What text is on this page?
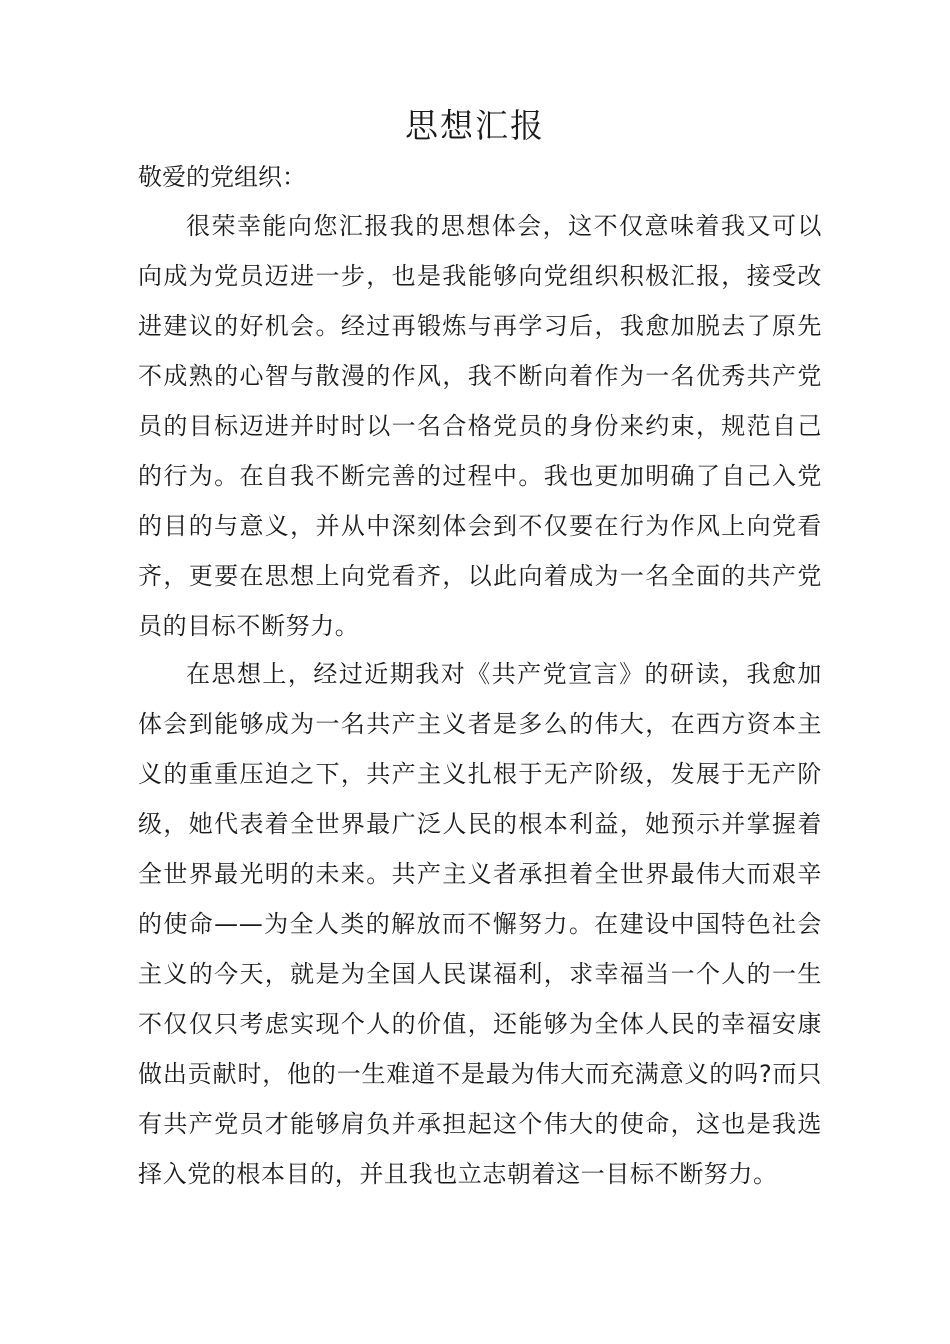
思想汇报

敬爱的党组织：

很荣幸能向您汇报我的思想体会，这不仅意味着我又可以向成为党员迈进一步，也是我能够向党组织积极汇报，接受改进建议的好机会。经过再锻炼与再学习后，我愈加脱去了原先不成熟的心智与散漫的作风，我不断向着作为一名优秀共产党员的目标迈进并时时以一名合格党员的身份来约束，规范自己的行为。在自我不断完善的过程中。我也更加明确了自己入党的目的与意义，并从中深刻体会到不仅要在行为作风上向党看齐，更要在思想上向党看齐，以此向着成为一名全面的共产党员的目标不断努力。

在思想上，经过近期我对《共产党宣言》的研读，我愈加体会到能够成为一名共产主义者是多么的伟大，在西方资本主义的重重压迫之下，共产主义扎根于无产阶级，发展于无产阶级，她代表着全世界最广泛人民的根本利益，她预示并掌握着全世界最光明的未来。共产主义者承担着全世界最伟大而艰辛的使命——为全人类的解放而不懈努力。在建设中国特色社会主义的今天，就是为全国人民谋福利，求幸福当一个人的一生不仅仅只考虑实现个人的价值，还能够为全体人民的幸福安康做出贡献时，他的一生难道不是最为伟大而充满意义的吗?而只有共产党员才能够肩负并承担起这个伟大的使命，这也是我选择入党的根本目的，并且我也立志朝着这一目标不断努力。
